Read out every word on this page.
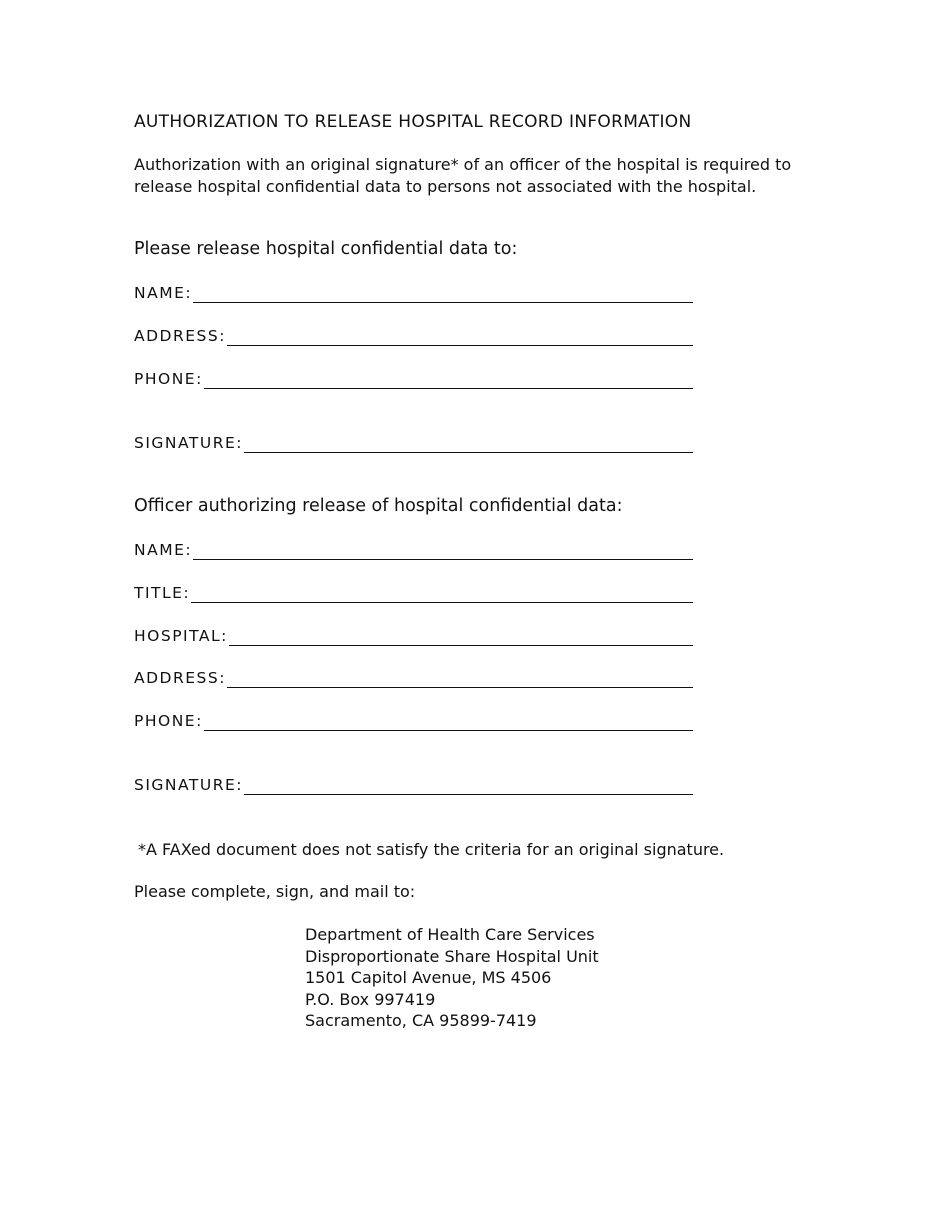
AUTHORIZATION TO RELEASE HOSPITAL RECORD INFORMATION

Authorization with an original signature* of an officer of the hospital is required to release hospital confidential data to persons not associated with the hospital.

Please release hospital confidential data to:

NAME:
ADDRESS:
PHONE:
SIGNATURE:

Officer authorizing release of hospital confidential data:

NAME:
TITLE:
HOSPITAL:
ADDRESS:
PHONE:
SIGNATURE:

*A FAXed document does not satisfy the criteria for an original signature.

Please complete, sign, and mail to:

Department of Health Care Services
Disproportionate Share Hospital Unit
1501 Capitol Avenue, MS 4506
P.O. Box 997419
Sacramento, CA 95899-7419
